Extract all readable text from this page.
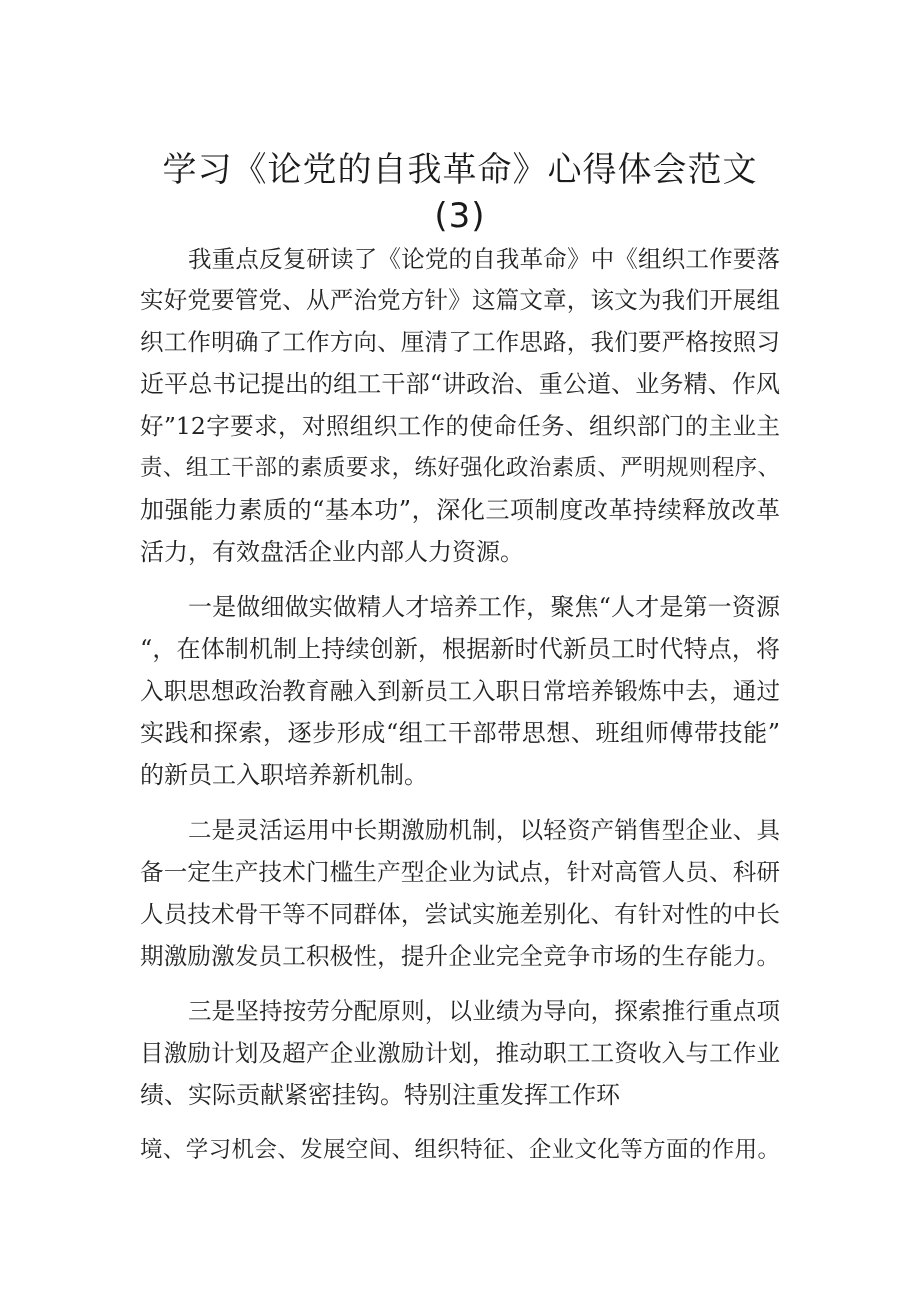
学习《论党的自我革命》心得体会范文
(3)
我重点反复研读了《论党的自我革命》中《组织工作要落
实好党要管党、从严治党方针》这篇文章，该文为我们开展组
织工作明确了工作方向、厘清了工作思路，我们要严格按照习
近平总书记提出的组工干部“讲政治、重公道、业务精、作风
好”12字要求，对照组织工作的使命任务、组织部门的主业主
责、组工干部的素质要求，练好强化政治素质、严明规则程序、
加强能力素质的“基本功”，深化三项制度改革持续释放改革
活力，有效盘活企业内部人力资源。
一是做细做实做精人才培养工作，聚焦“人才是第一资源
“，在体制机制上持续创新，根据新时代新员工时代特点，将
入职思想政治教育融入到新员工入职日常培养锻炼中去，通过
实践和探索，逐步形成“组工干部带思想、班组师傅带技能”
的新员工入职培养新机制。
二是灵活运用中长期激励机制，以轻资产销售型企业、具
备一定生产技术门槛生产型企业为试点，针对高管人员、科研
人员技术骨干等不同群体，尝试实施差别化、有针对性的中长
期激励激发员工积极性，提升企业完全竞争市场的生存能力。
三是坚持按劳分配原则，以业绩为导向，探索推行重点项
目激励计划及超产企业激励计划，推动职工工资收入与工作业
绩、实际贡献紧密挂钩。特别注重发挥工作环
境、学习机会、发展空间、组织特征、企业文化等方面的作用。
